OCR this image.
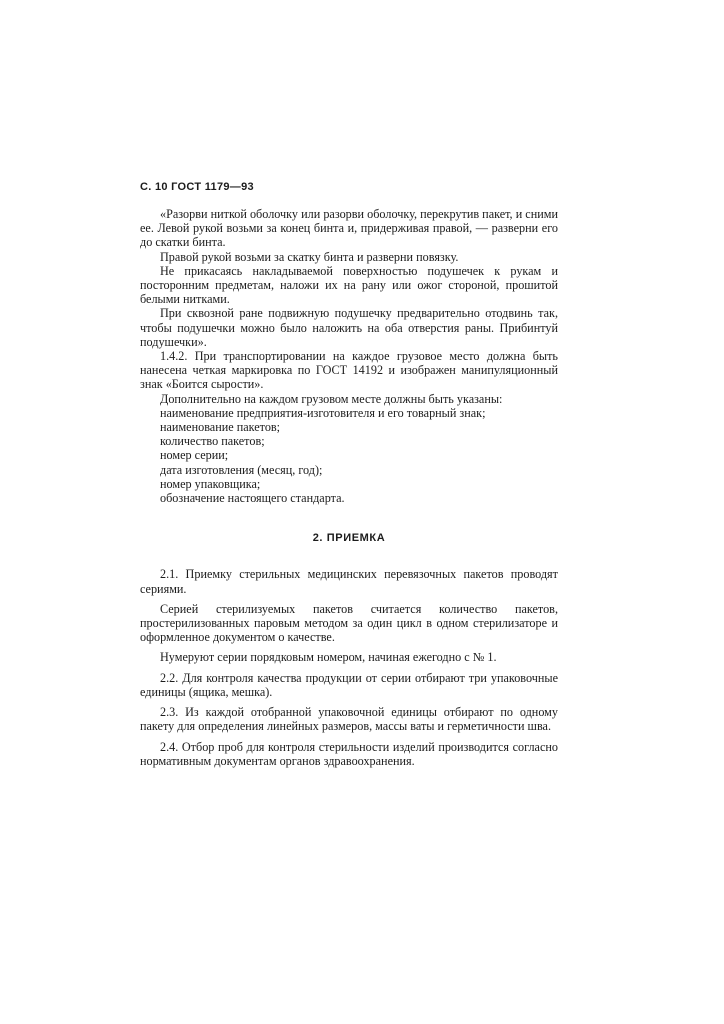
С. 10 ГОСТ 1179—93

«Разорви ниткой оболочку или разорви оболочку, перекрутив пакет, и сними ее. Левой рукой возьми за конец бинта и, придерживая правой, — разверни его до скатки бинта.

Правой рукой возьми за скатку бинта и разверни повязку.

Не прикасаясь накладываемой поверхностью подушечек к рукам и посторонним предметам, наложи их на рану или ожог стороной, прошитой белыми нитками.

При сквозной ране подвижную подушечку предварительно отодвинь так, чтобы подушечки можно было наложить на оба отверстия раны. Прибинтуй подушечки».

1.4.2. При транспортировании на каждое грузовое место должна быть нанесена четкая маркировка по ГОСТ 14192 и изображен манипуляционный знак «Боится сырости».

Дополнительно на каждом грузовом месте должны быть указаны:

наименование предприятия-изготовителя и его товарный знак;

наименование пакетов;

количество пакетов;

номер серии;

дата изготовления (месяц, год);

номер упаковщика;

обозначение настоящего стандарта.

2. ПРИЕМКА

2.1. Приемку стерильных медицинских перевязочных пакетов проводят сериями.

Серией стерилизуемых пакетов считается количество пакетов, простерилизованных паровым методом за один цикл в одном стерилизаторе и оформленное документом о качестве.

Нумеруют серии порядковым номером, начиная ежегодно с № 1.

2.2. Для контроля качества продукции от серии отбирают три упаковочные единицы (ящика, мешка).

2.3. Из каждой отобранной упаковочной единицы отбирают по одному пакету для определения линейных размеров, массы ваты и герметичности шва.

2.4. Отбор проб для контроля стерильности изделий производится согласно нормативным документам органов здравоохранения.
